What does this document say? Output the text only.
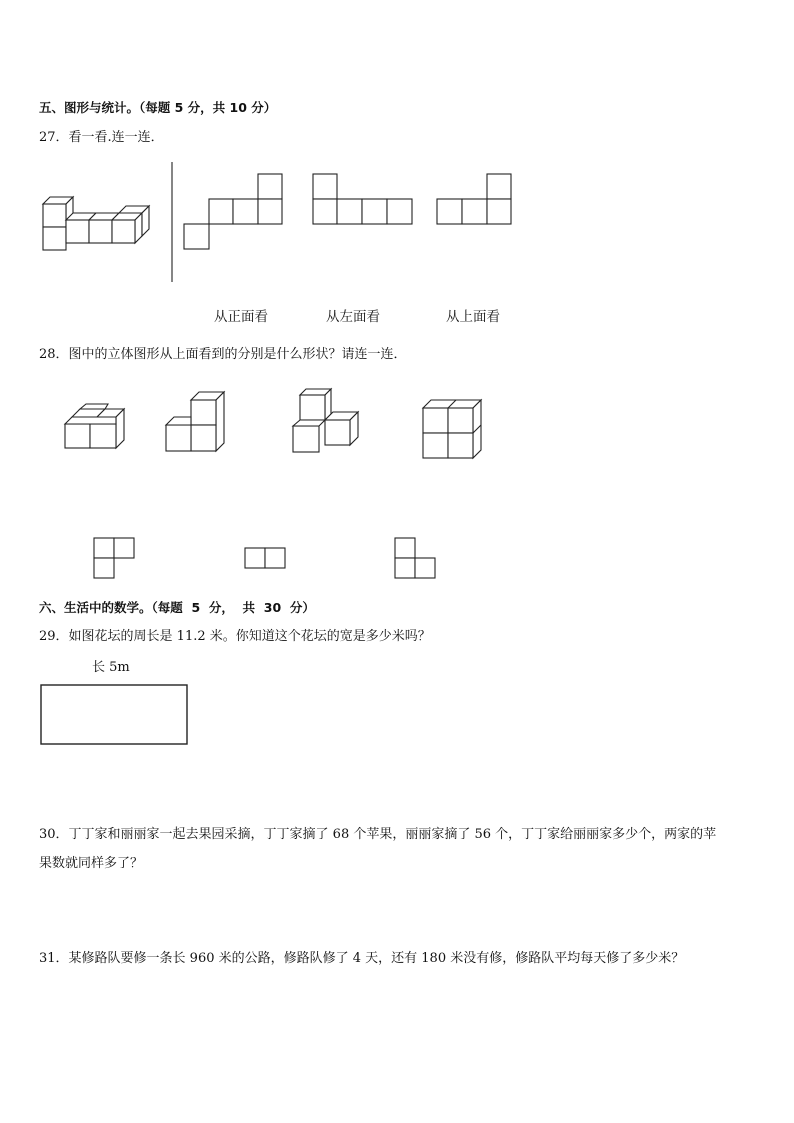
五、图形与统计。（每题 5 分，共 10 分）
27．看一看.连一连．
从正面看	从左面看	从上面看
28．图中的立体图形从上面看到的分别是什么形状？请连一连．
六、生活中的数学。（每题  5  分，  共  30  分）
29．如图花坛的周长是 11.2 米。你知道这个花坛的宽是多少米吗？
长 5m
30．丁丁家和丽丽家一起去果园采摘，丁丁家摘了 68 个苹果，丽丽家摘了 56 个，丁丁家给丽丽家多少个，两家的苹
果数就同样多了？
31．某修路队要修一条长 960 米的公路，修路队修了 4 天，还有 180 米没有修，修路队平均每天修了多少米？
